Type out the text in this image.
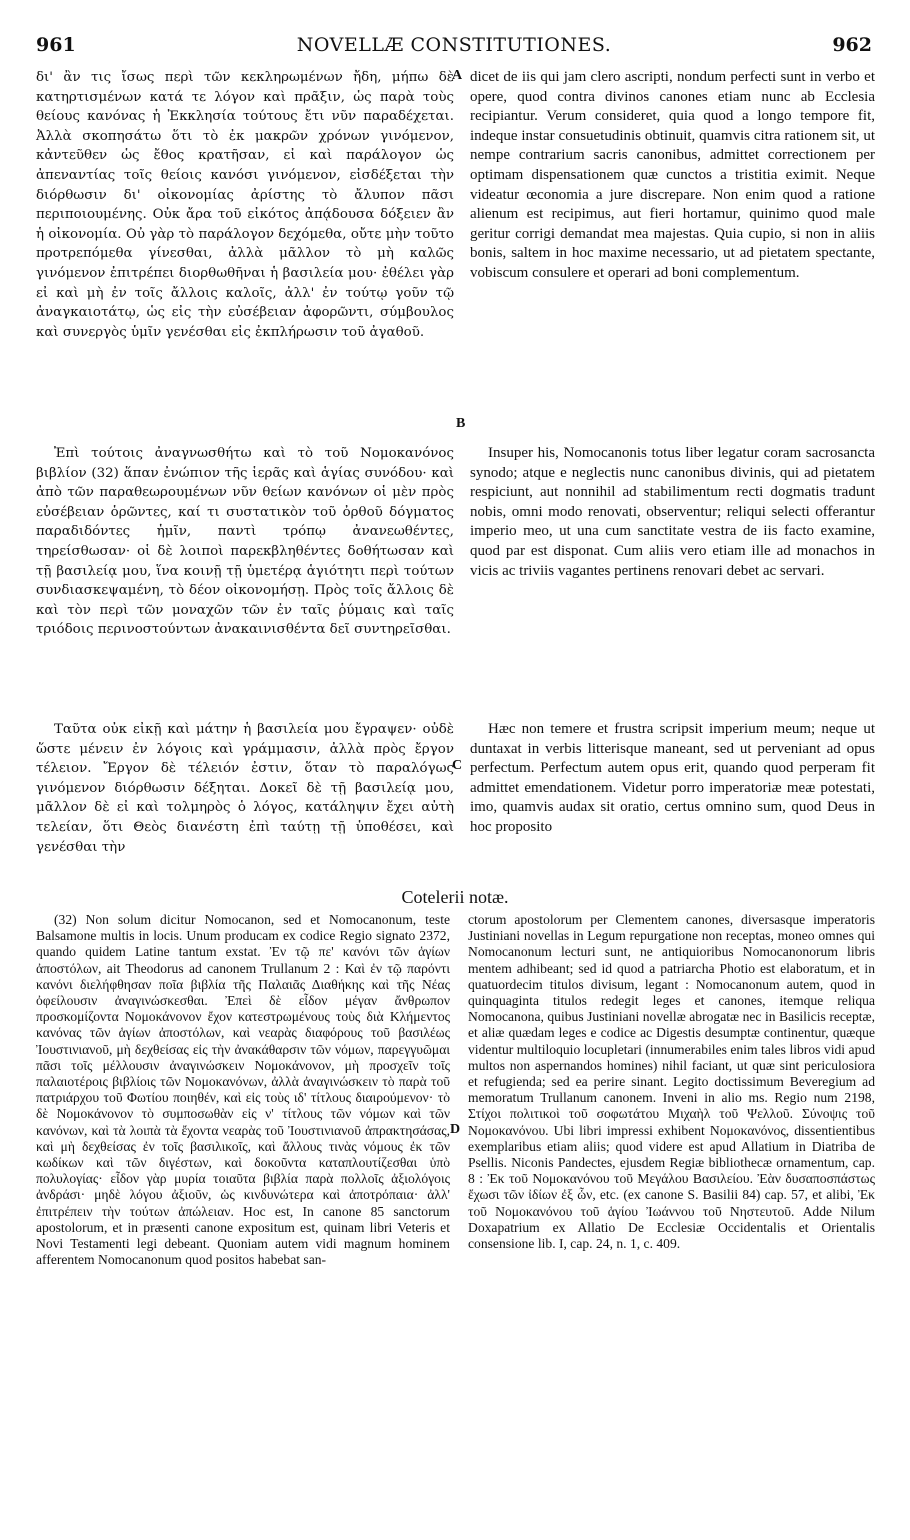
961	NOVELLÆ CONSTITUTIONES.	962

δι' ἂν τις ἴσως περὶ τῶν κεκληρωμένων ἤδη, μήπω δὲ κατηρτισμένων κατά τε λόγον καὶ πρᾶξιν, ὡς παρὰ τοὺς θείους κανόνας ἡ Ἐκκλησία τούτους ἔτι νῦν παραδέχεται. Ἀλλὰ σκοπησάτω ὅτι τὸ ἐκ μακρῶν χρόνων γινόμενον, κἀντεῦθεν ὡς ἔθος κρατῆσαν, εἰ καὶ παράλογον ὡς ἀπεναντίας τοῖς θείοις κανόσι γινόμενον, εἰσδέξεται τὴν διόρθωσιν δι' οἰκονομίας ἀρίστης τὸ ἄλυπον πᾶσι περιποιουμένης. Οὐκ ἄρα τοῦ εἰκότος ἀπᾴδουσα δόξειεν ἂν ἡ οἰκονομία. Οὐ γὰρ τὸ παράλογον δεχόμεθα, οὔτε μὴν τοῦτο προτρεπόμεθα γίνεσθαι, ἀλλὰ μᾶλλον τὸ μὴ καλῶς γινόμενον ἐπιτρέπει διορθωθῆναι ἡ βασιλεία μου· ἐθέλει γὰρ εἰ καὶ μὴ ἐν τοῖς ἄλλοις καλοῖς, ἀλλ' ἐν τούτῳ γοῦν τῷ ἀναγκαιοτάτῳ, ὡς εἰς τὴν εὐσέβειαν ἀφορῶντι, σύμβουλος καὶ συνεργὸς ὑμῖν γενέσθαι εἰς ἐκπλήρωσιν τοῦ ἀγαθοῦ.

Ἐπὶ τούτοις ἀναγνωσθήτω καὶ τὸ τοῦ Νομοκανόνος βιβλίον (32) ἅπαν ἐνώπιον τῆς ἱερᾶς καὶ ἁγίας συνόδου· καὶ ἀπὸ τῶν παραθεωρουμένων νῦν θείων κανόνων οἱ μὲν πρὸς εὐσέβειαν ὁρῶντες, καί τι συστατικὸν τοῦ ὀρθοῦ δόγματος παραδιδόντες ἡμῖν, παντὶ τρόπῳ ἀνανεωθέντες, τηρείσθωσαν· οἱ δὲ λοιποὶ παρεκβληθέντες δοθήτωσαν καὶ τῇ βασιλείᾳ μου, ἵνα κοινῇ τῇ ὑμετέρᾳ ἁγιότητι περὶ τούτων συνδιασκεψαμένη, τὸ δέον οἰκονομήσῃ. Πρὸς τοῖς ἄλλοις δὲ καὶ τὸν περὶ τῶν μοναχῶν τῶν ἐν ταῖς ῥύμαις καὶ ταῖς τριόδοις περινοστούντων ἀνακαινισθέντα δεῖ συντηρεῖσθαι.

Ταῦτα οὐκ εἰκῇ καὶ μάτην ἡ βασιλεία μου ἔγραψεν· οὐδὲ ὥστε μένειν ἐν λόγοις καὶ γράμμασιν, ἀλλὰ πρὸς ἔργον τέλειον. Ἔργον δὲ τέλειόν ἐστιν, ὅταν τὸ παραλόγως γινόμενον διόρθωσιν δέξηται. Δοκεῖ δὲ τῇ βασιλείᾳ μου, μᾶλλον δὲ εἰ καὶ τολμηρὸς ὁ λόγος, κατάληψιν ἔχει αὐτὴ τελείαν, ὅτι Θεὸς διανέστη ἐπὶ ταύτῃ τῇ ὑποθέσει, καὶ γενέσθαι τὴν

A
B
C
D

dicet de iis qui jam clero ascripti, nondum perfecti sunt in verbo et opere, quod contra divinos canones etiam nunc ab Ecclesia recipiantur. Verum consideret, quia quod a longo tempore fit, indeque instar consuetudinis obtinuit, quamvis citra rationem sit, ut nempe contrarium sacris canonibus, admittet correctionem per optimam dispensationem quæ cunctos a tristitia eximit. Neque videatur œconomia a jure discrepare. Non enim quod a ratione alienum est recipimus, aut fieri hortamur, quinimo quod male geritur corrigi demandat mea majestas. Quia cupio, si non in aliis bonis, saltem in hoc maxime necessario, ut ad pietatem spectante, vobiscum consulere et operari ad boni complementum.

Insuper his, Nomocanonis totus liber legatur coram sacrosancta synodo; atque e neglectis nunc canonibus divinis, qui ad pietatem respiciunt, aut nonnihil ad stabilimentum recti dogmatis tradunt nobis, omni modo renovati, observentur; reliqui selecti offerantur imperio meo, ut una cum sanctitate vestra de iis facto examine, quod par est disponat. Cum aliis vero etiam ille ad monachos in vicis ac triviis vagantes pertinens renovari debet ac servari.

Hæc non temere et frustra scripsit imperium meum; neque ut duntaxat in verbis litterisque maneant, sed ut perveniant ad opus perfectum. Perfectum autem opus erit, quando quod perperam fit admittet emendationem. Videtur porro imperatoriæ meæ potestati, imo, quamvis audax sit oratio, certus omnino sum, quod Deus in hoc proposito

Cotelerii notæ.

(32) Non solum dicitur Nomocanon, sed et Nomocanonum, teste Balsamone multis in locis. Unum producam ex codice Regio signato 2372, quando quidem Latine tantum exstat. Ἐν τῷ πε' κανόνι τῶν ἁγίων ἀποστόλων, ait Theodorus ad canonem Trullanum 2 : Καὶ ἐν τῷ παρόντι κανόνι διελήφθησαν ποῖα βιβλία τῆς Παλαιᾶς Διαθήκης καὶ τῆς Νέας ὀφείλουσιν ἀναγινώσκεσθαι. Ἐπεὶ δὲ εἶδον μέγαν ἄνθρωπον προσκομίζοντα Νομοκάνονον ἔχον κατεστρωμένους τοὺς διὰ Κλήμεντος κανόνας τῶν ἁγίων ἀποστόλων, καὶ νεαρὰς διαφόρους τοῦ βασιλέως Ἰουστινιανοῦ, μὴ δεχθείσας εἰς τὴν ἀνακάθαρσιν τῶν νόμων, παρεγγυῶμαι πᾶσι τοῖς μέλλουσιν ἀναγινώσκειν Νομοκάνονον, μὴ προσχεῖν τοῖς παλαιοτέροις βιβλίοις τῶν Νομοκανόνων, ἀλλὰ ἀναγινώσκειν τὸ παρὰ τοῦ πατριάρχου τοῦ Φωτίου ποιηθέν, καὶ εἰς τοὺς ιδ' τίτλους διαιρούμενον· τὸ δὲ Νομοκάνονον τὸ συμποσωθὰν εἰς ν' τίτλους τῶν νόμων καὶ τῶν κανόνων, καὶ τὰ λοιπὰ τὰ ἔχοντα νεαρὰς τοῦ Ἰουστινιανοῦ ἀπρακτησάσας, καὶ μὴ δεχθείσας ἐν τοῖς βασιλικοῖς, καὶ ἄλλους τινὰς νόμους ἐκ τῶν κωδίκων καὶ τῶν διγέστων, καὶ δοκοῦντα καταπλουτίζεσθαι ὑπὸ πολυλογίας· εἶδον γὰρ μυρία τοιαῦτα βιβλία παρὰ πολλοῖς ἀξιολόγοις ἀνδράσι· μηδὲ λόγου ἀξιοῦν, ὡς κινδυνώτερα καὶ ἀποτρόπαια· ἀλλ' ἐπιτρέπειν τὴν τούτων ἀπώλειαν. Hoc est, In canone 85 sanctorum apostolorum, et in præsenti canone expositum est, quinam libri Veteris et Novi Testamenti legi debeant. Quoniam autem vidi magnum hominem afferentem Nomocanonum quod positos habebat san-

ctorum apostolorum per Clementem canones, diversasque imperatoris Justiniani novellas in Legum repurgatione non receptas, moneo omnes qui Nomocanonum lecturi sunt, ne antiquioribus Nomocanonorum libris mentem adhibeant; sed id quod a patriarcha Photio est elaboratum, et in quatuordecim titulos divisum, legant : Nomocanonum autem, quod in quinquaginta titulos redegit leges et canones, itemque reliqua Nomocanona, quibus Justiniani novellæ abrogatæ nec in Basilicis receptæ, et aliæ quædam leges e codice ac Digestis desumptæ continentur, quæque videntur multiloquio locupletari (innumerabiles enim tales libros vidi apud multos non aspernandos homines) nihil faciant, ut quæ sint periculosiora et refugienda; sed ea perire sinant. Legito doctissimum Beveregium ad memoratum Trullanum canonem. Inveni in alio ms. Regio num 2198, Στίχοι πολιτικοὶ τοῦ σοφωτάτου Μιχαὴλ τοῦ Ψελλοῦ. Σύνοψις τοῦ Νομοκανόνου. Ubi libri impressi exhibent Νομοκανόνος, dissentientibus exemplaribus etiam aliis; quod videre est apud Allatium in Diatriba de Psellis. Niconis Pandectes, ejusdem Regiæ bibliothecæ ornamentum, cap. 8 : Ἐκ τοῦ Νομοκανόνου τοῦ Μεγάλου Βασιλείου. Ἐὰν δυσαποσπάστως ἔχωσι τῶν ἰδίων ἐξ ὧν, etc. (ex canone S. Basilii 84) cap. 57, et alibi, Ἐκ τοῦ Νομοκανόνου τοῦ ἁγίου Ἰωάννου τοῦ Νηστευτοῦ. Adde Nilum Doxapatrium ex Allatio De Ecclesiæ Occidentalis et Orientalis consensione lib. I, cap. 24, n. 1, c. 409.
